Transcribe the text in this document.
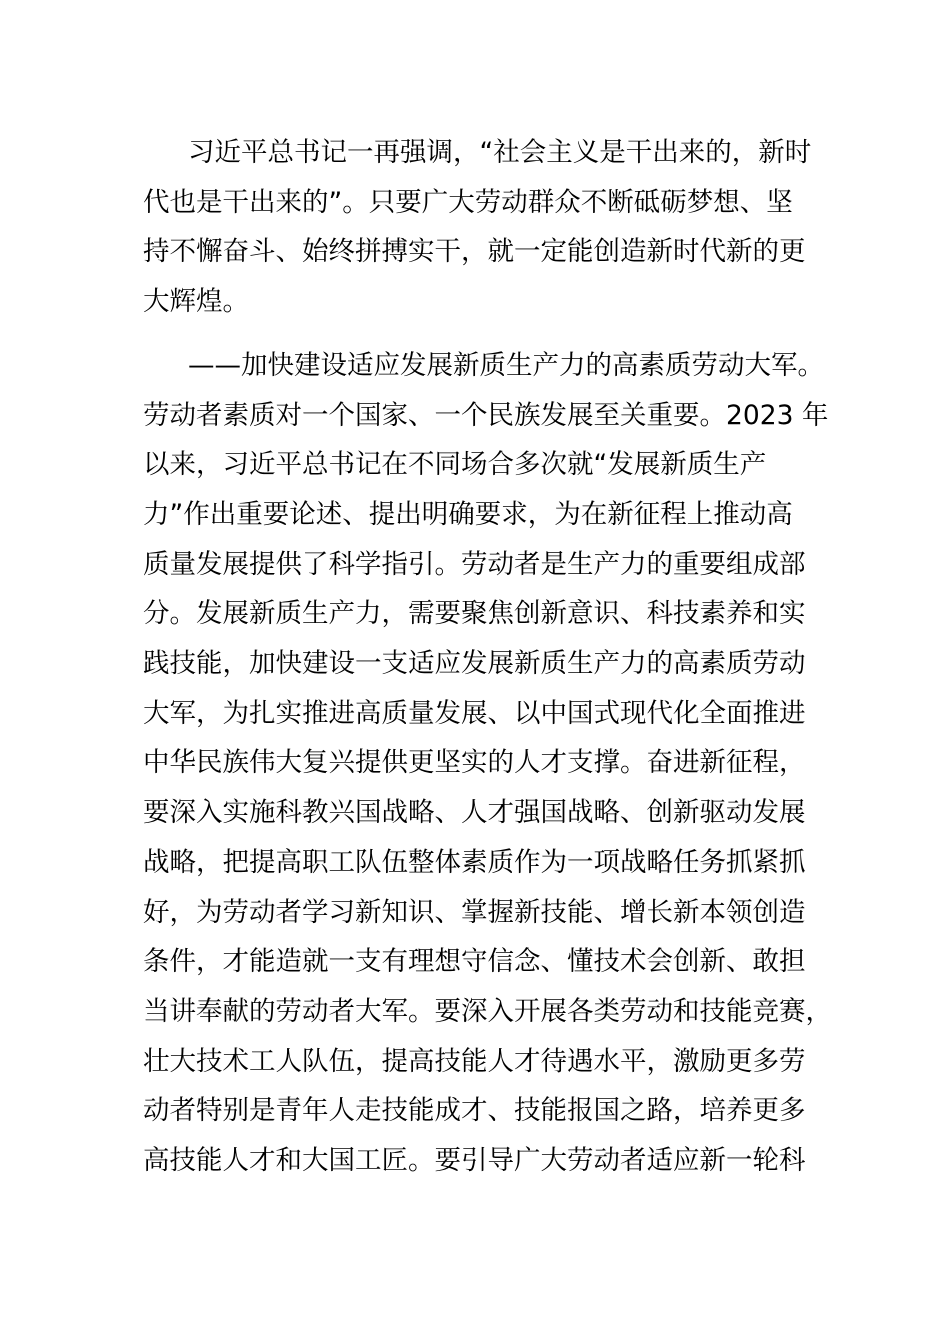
习近平总书记一再强调，“社会主义是干出来的，新时
代也是干出来的”。只要广大劳动群众不断砥砺梦想、坚
持不懈奋斗、始终拼搏实干，就一定能创造新时代新的更
大辉煌。

——加快建设适应发展新质生产力的高素质劳动大军。
劳动者素质对一个国家、一个民族发展至关重要。2023 年
以来，习近平总书记在不同场合多次就“发展新质生产
力”作出重要论述、提出明确要求，为在新征程上推动高
质量发展提供了科学指引。劳动者是生产力的重要组成部
分。发展新质生产力，需要聚焦创新意识、科技素养和实
践技能，加快建设一支适应发展新质生产力的高素质劳动
大军，为扎实推进高质量发展、以中国式现代化全面推进
中华民族伟大复兴提供更坚实的人才支撑。奋进新征程，
要深入实施科教兴国战略、人才强国战略、创新驱动发展
战略，把提高职工队伍整体素质作为一项战略任务抓紧抓
好，为劳动者学习新知识、掌握新技能、增长新本领创造
条件，才能造就一支有理想守信念、懂技术会创新、敢担
当讲奉献的劳动者大军。要深入开展各类劳动和技能竞赛，
壮大技术工人队伍，提高技能人才待遇水平，激励更多劳
动者特别是青年人走技能成才、技能报国之路，培养更多
高技能人才和大国工匠。要引导广大劳动者适应新一轮科
